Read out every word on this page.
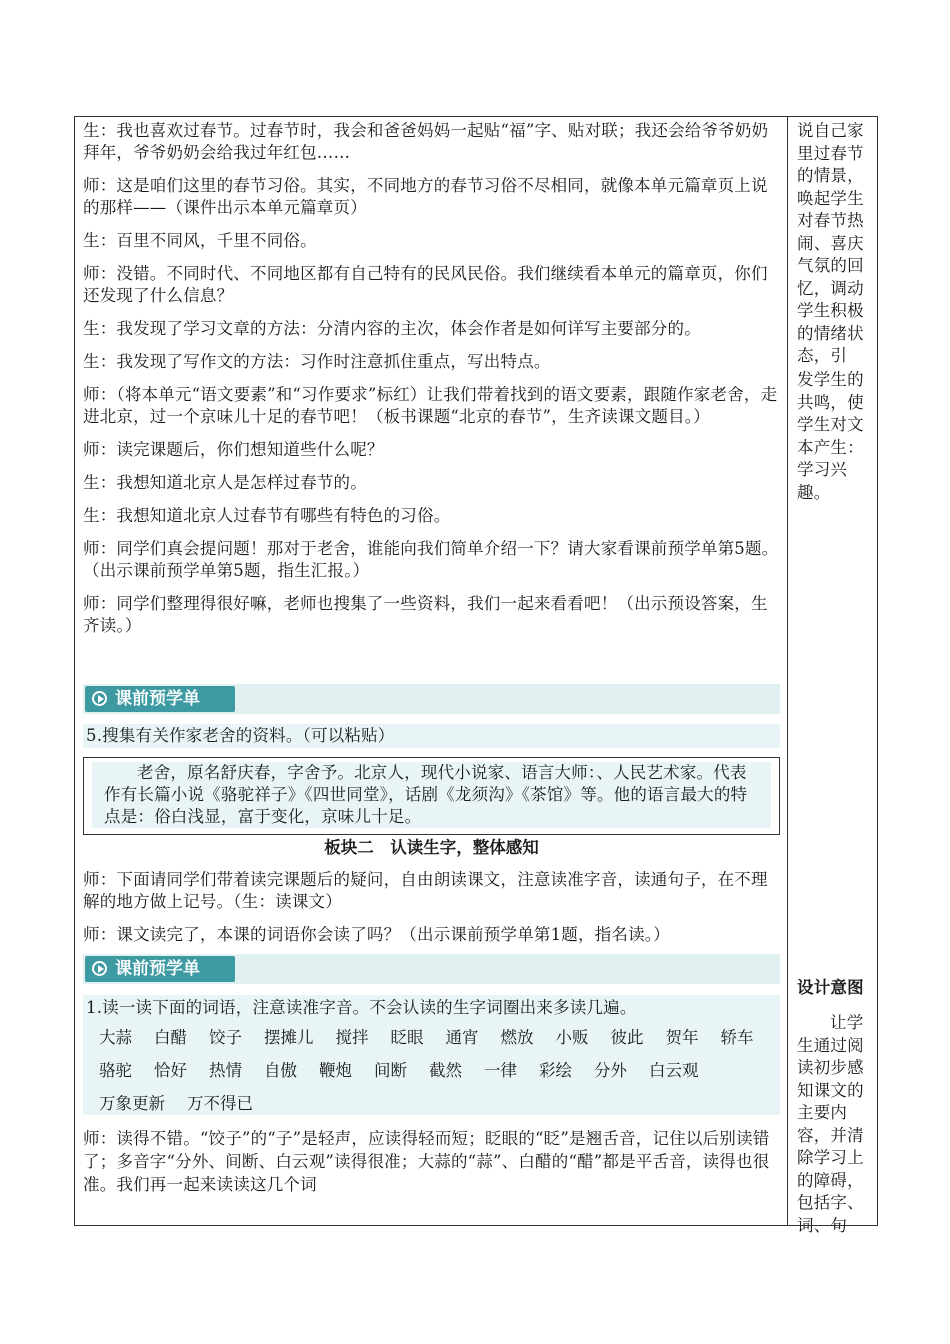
生：我也喜欢过春节。过春节时，我会和爸爸妈妈一起贴“福”字、贴对联；我还会给爷爷奶奶拜年，爷爷奶奶会给我过年红包……

师：这是咱们这里的春节习俗。其实，不同地方的春节习俗不尽相同，就像本单元篇章页上说的那样——（课件出示本单元篇章页）

生：百里不同风，千里不同俗。

师：没错。不同时代、不同地区都有自己特有的民风民俗。我们继续看本单元的篇章页，你们还发现了什么信息？

生：我发现了学习文章的方法：分清内容的主次，体会作者是如何详写主要部分的。

生：我发现了写作文的方法：习作时注意抓住重点，写出特点。

师：（将本单元“语文要素”和“习作要求”标红）让我们带着找到的语文要素，跟随作家老舍，走进北京，过一个京味儿十足的春节吧！（板书课题“北京的春节”，生齐读课文题目。）

师：读完课题后，你们想知道些什么呢？

生：我想知道北京人是怎样过春节的。

生：我想知道北京人过春节有哪些有特色的习俗。

师：同学们真会提问题！那对于老舍，谁能向我们简单介绍一下？请大家看课前预学单第5题。（出示课前预学单第5题，指生汇报。）

师：同学们整理得很好嘛，老师也搜集了一些资料，我们一起来看看吧！（出示预设答案，生齐读。）

课前预学单

5.搜集有关作家老舍的资料。（可以粘贴）

老舍，原名舒庆春，字舍予。北京人，现代小说家、语言大师：、人民艺术家。代表作有长篇小说《骆驼祥子》《四世同堂》，话剧《龙须沟》《茶馆》等。他的语言最大的特点是：俗白浅显，富于变化，京味儿十足。

板块二　认读生字，整体感知

师：下面请同学们带着读完课题后的疑问，自由朗读课文，注意读准字音，读通句子，在不理解的地方做上记号。（生：读课文）

师：课文读完了，本课的词语你会读了吗？（出示课前预学单第1题，指名读。）

课前预学单

1.读一读下面的词语，注意读准字音。不会认读的生字词圈出来多读几遍。

大蒜 白醋 饺子 摆摊儿 搅拌 眨眼 通宵 燃放 小贩 彼此 贺年 轿车
骆驼 恰好 热情 自傲 鞭炮 间断 截然 一律 彩绘 分外 白云观
万象更新 万不得已

师：读得不错。“饺子”的“子”是轻声，应读得轻而短；眨眼的“眨”是翘舌音，记住以后别读错了；多音字“分外、间断、白云观”读得很准；大蒜的“蒜”、白醋的“醋”都是平舌音，读得也很准。我们再一起来读读这几个词

说自己家里过春节的情景，唤起学生对春节热闹、喜庆气氛的回忆，调动学生积极的情绪状态，引

发学生的共鸣，使学生对文本产生：学习兴趣。

设计意图

让学生通过阅读初步感知课文的主要内容，并清除学习上的障碍，包括字、词、句
